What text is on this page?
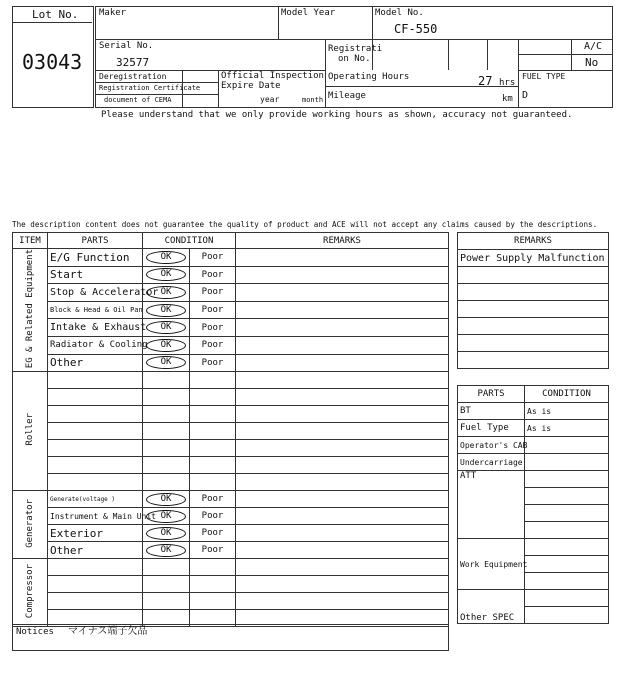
Lot No.
03043
Maker	Model Year	Model No.
CF-550
Serial No.
32577
Registrati
on No.
A/C
No
Deregistration
Registration Certificate
document of CEMA
Official Inspection
Expire Date
year	month
Operating Hours	27 hrs
Mileage	km
FUEL TYPE
D
Please understand that we only provide working hours as shown, accuracy not guaranteed.
The description content does not guarantee the quality of product and ACE will not accept any claims caused by the descriptions.
ITEM	PARTS	CONDITION		REMARKS
EG & Related Equipment	E/G Function	OK	Poor	
	Start	OK	Poor	
	Stop & Accelerator	OK	Poor	
	Block & Head & Oil Pan	OK	Poor	
	Intake & Exhaust	OK	Poor	
	Radiator & Cooling	OK	Poor	
	Other	OK	Poor	
Roller				

Generator	Generate(voltage )	OK	Poor	
	Instrument & Main Unit	OK	Poor	
	Exterior	OK	Poor	
	Other	OK	Poor	
Compressor				

Notices マイナス端子欠品
REMARKS
Power Supply Malfunction

PARTS	CONDITION
BT	As is
Fuel Type	As is
Operator's CAB	
Undercarriage	
ATT	

Work Equipment	

Other SPEC	
